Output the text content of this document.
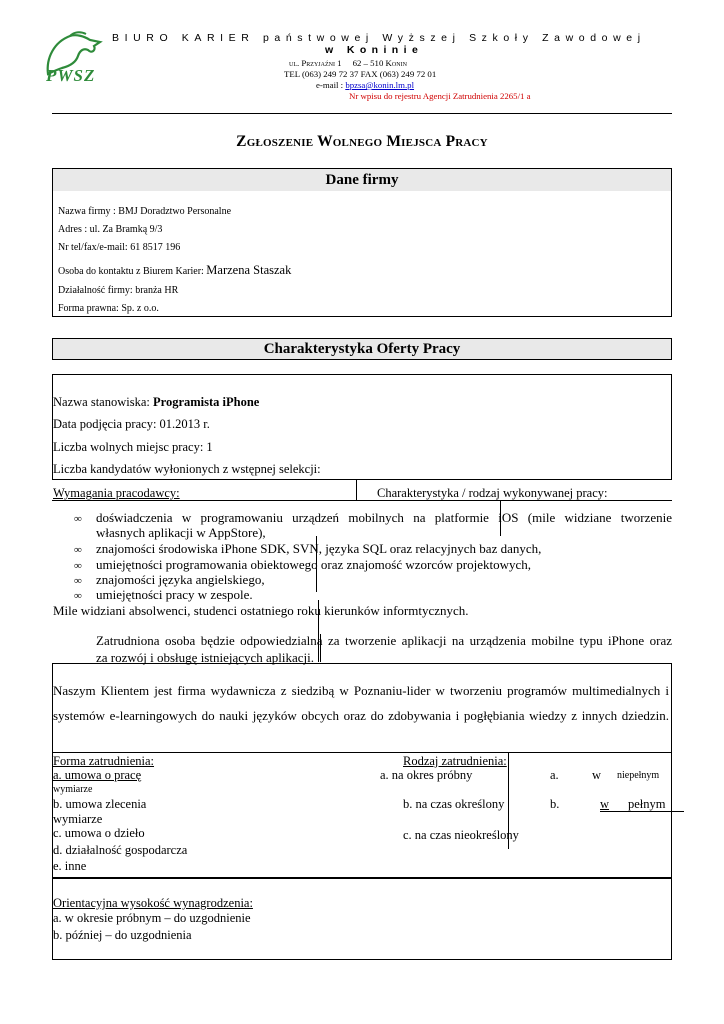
PWSZ
BIURO KARIER państwowej Wyższej Szkoły Zawodowej
w Koninie
ul. Przyjaźni 1 62 – 510 Konin
TEL (063) 249 72 37 FAX (063) 249 72 01
e-mail : bpzsa@konin.lm.pl
Nr wpisu do rejestru Agencji Zatrudnienia 2265/1 a
Zgłoszenie Wolnego Miejsca Pracy
Dane firmy
Nazwa firmy : BMJ Doradztwo Personalne
Adres : ul. Za Bramką 9/3
Nr tel/fax/e-mail: 61 8517 196
Osoba do kontaktu z Biurem Karier: Marzena Staszak
Działalność firmy: branża HR
Forma prawna: Sp. z o.o.
Charakterystyka Oferty Pracy
Nazwa stanowiska: Programista iPhone
Data podjęcia pracy: 01.2013 r.
Liczba wolnych miejsc pracy: 1
Liczba kandydatów wyłonionych z wstępnej selekcji:
Wymagania pracodawcy:	Charakterystyka / rodzaj wykonywanej pracy:
∞ doświadczenia w programowaniu urządzeń mobilnych na platformie iOS (mile widziane tworzenie
własnych aplikacji w AppStore),
∞ znajomości środowiska iPhone SDK, SVN, języka SQL oraz relacyjnych baz danych,
∞ umiejętności programowania obiektowego oraz znajomość wzorców projektowych,
∞ znajomości języka angielskiego,
∞ umiejętności pracy w zespole.
Mile widziani absolwenci, studenci ostatniego roku kierunków informtycznych.
Zatrudniona osoba będzie odpowiedzialna za tworzenie aplikacji na urządzenia mobilne typu iPhone oraz
za rozwój i obsługę istniejących aplikacji.
Naszym Klientem jest firma wydawnicza z siedzibą w Poznaniu-lider w tworzeniu programów multimedialnych i
systemów e-learningowych do nauki języków obcych oraz do zdobywania i pogłębiania wiedzy z innych dziedzin.
Forma zatrudnienia:
a. umowa o pracę
wymiarze
b. umowa zlecenia
wymiarze
c. umowa o dzieło
d. działalność gospodarcza
e. inne
Rodzaj zatrudnienia:
a. na okres próbny
b. na czas określony
c. na czas nieokreślony
a.	w niepełnym
b.	w pełnym
Orientacyjna wysokość wynagrodzenia:
a. w okresie próbnym – do uzgodnienie
b. później – do uzgodnienia
